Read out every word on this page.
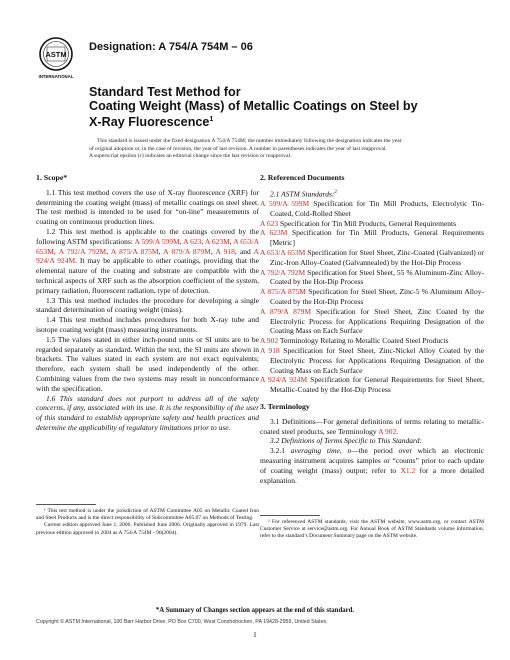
ASTM
INTERNATIONAL
Designation: A 754/A 754M – 06
Standard Test Method for
Coating Weight (Mass) of Metallic Coatings on Steel by
X-Ray Fluorescence$^1$
This standard is issued under the fixed designation A 754/A 754M; the number immediately following the designation indicates the year
of original adoption or, in the case of revision, the year of last revision. A number in parentheses indicates the year of last reapproval.
A superscript epsilon (ε) indicates an editorial change since the last revision or reapproval.
1. Scope*

1.1 This test method covers the use of X-ray fluorescence (XRF) for determining the coating weight (mass) of metallic coatings on steel sheet. The test method is intended to be used for “on-line” measurements of coating on continuous production lines.

1.2 This test method is applicable to the coatings covered by the following ASTM specifications: A 599/A 599M, A 623, A 623M, A 653/A 653M, A 792/A 792M, A 875/A 875M, A 879/A 879M, A 918, and A 924/A 924M. It may be applicable to other coatings, providing that the elemental nature of the coating and substrate are compatible with the technical aspects of XRF such as the absorption coefficient of the system, primary radiation, fluorescent radiation, type of detection.

1.3 This test method includes the procedure for developing a single standard determination of coating weight (mass).

1.4 This test method includes procedures for both X-ray tube and isotope coating weight (mass) measuring instruments.

1.5 The values stated in either inch-pound units or SI units are to be regarded separately as standard. Within the text, the SI units are shown in brackets. The values stated in each system are not exact equivalents; therefore, each system shall be used independently of the other. Combining values from the two systems may result in nonconformance with the specification.

1.6 This standard does not purport to address all of the safety concerns, if any, associated with its use. It is the responsibility of the user of this standard to establish appropriate safety and health practices and determine the applicability of regulatory limitations prior to use.

¹ This test method is under the jurisdiction of ASTM Committee A05 on Metallic Coated Iron and Steel Products and is the direct responsibility of Subcommittee A05.07 on Methods of Testing.

Current edition approved June 1, 2006. Published June 2006. Originally approved in 1979. Last previous edition approved in 2004 as A 754/A 754M - 96(2004).

2. Referenced Documents

2.1 ASTM Standards:$^2$

A 599/A 599M Specification for Tin Mill Products, Electrolytic Tin-Coated, Cold-Rolled Sheet

A 623 Specification for Tin Mill Products, General Requirements

A 623M Specification for Tin Mill Products, General Requirements [Metric]

A 653/A 653M Specification for Steel Sheet, Zinc-Coated (Galvanized) or Zinc-Iron Alloy-Coated (Galvannealed) by the Hot-Dip Process

A 792/A 792M Specification for Steel Sheet, 55 % Aluminum-Zinc Alloy-Coated by the Hot-Dip Process

A 875/A 875M Specification for Steel Sheet, Zinc-5 % Aluminum Alloy-Coated by the Hot-Dip Process

A 879/A 879M Specification for Steel Sheet, Zinc Coated by the Electrolytic Process for Applications Requiring Designation of the Coating Mass on Each Surface

A 902 Terminology Relating to Metallic Coated Steel Products

A 918 Specification for Steel Sheet, Zinc-Nickel Alloy Coated by the Electrolytic Process for Applications Requiring Designation of the Coating Mass on Each Surface

A 924/A 924M Specification for General Requirements for Steel Sheet, Metallic-Coated by the Hot-Dip Process

3. Terminology

3.1 Definitions—For general definitions of terms relating to metallic-coated steel products, see Terminology A 902.

3.2 Definitions of Terms Specific to This Standard:

3.2.1 averaging time, n—the period over which an electronic measuring instrument acquires samples or “counts” prior to each update of coating weight (mass) output; refer to X1.2 for a more detailed explanation.

² For referenced ASTM standards, visit the ASTM website, www.astm.org, or contact ASTM Customer Service at service@astm.org. For Annual Book of ASTM Standards volume information, refer to the standard’s Document Summary page on the ASTM website.

*A Summary of Changes section appears at the end of this standard.
Copyright © ASTM International, 100 Barr Harbor Drive, PO Box C700, West Conshohocken, PA 19428-2959, United States.
1
